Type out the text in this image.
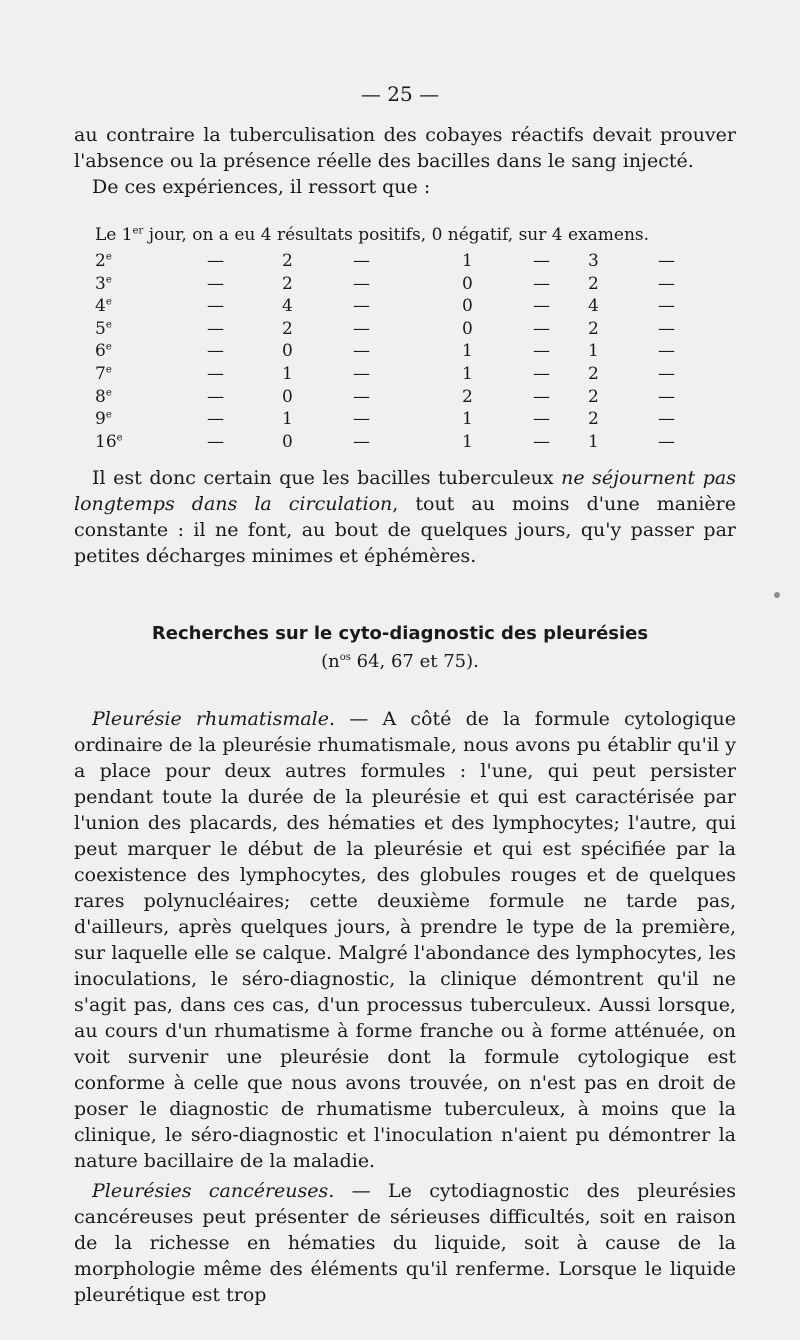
— 25 —

au contraire la tuberculisation des cobayes réactifs devait prouver l'absence ou la présence réelle des bacilles dans le sang injecté.

De ces expériences, il ressort que :

Le 1er jour, on a eu 4 résultats positifs, 0 négatif, sur 4 examens.
2e	—	2	—	1	— 3	—
3e	—	2	—	0	— 2	—
4e	—	4	—	0	— 4	—
5e	—	2	—	0	— 2	—
6e	—	0	—	1	— 1	—
7e	—	1	—	1	— 2	—
8e	—	0	—	2	— 2	—
9e	—	1	—	1	— 2	—
16e	—	0	—	1	— 1	—

Il est donc certain que les bacilles tuberculeux ne séjournent pas longtemps dans la circulation, tout au moins d'une manière constante : il ne font, au bout de quelques jours, qu'y passer par petites décharges minimes et éphémères.

Recherches sur le cyto-diagnostic des pleurésies
($n^{os}$ 64, 67 et 75).

Pleurésie rhumatismale. — A côté de la formule cytologique ordinaire de la pleurésie rhumatismale, nous avons pu établir qu'il y a place pour deux autres formules : l'une, qui peut persister pendant toute la durée de la pleurésie et qui est caractérisée par l'union des placards, des hématies et des lymphocytes; l'autre, qui peut marquer le début de la pleurésie et qui est spécifiée par la coexistence des lymphocytes, des globules rouges et de quelques rares polynucléaires; cette deuxième formule ne tarde pas, d'ailleurs, après quelques jours, à prendre le type de la première, sur laquelle elle se calque. Malgré l'abondance des lymphocytes, les inoculations, le séro-diagnostic, la clinique démontrent qu'il ne s'agit pas, dans ces cas, d'un processus tuberculeux. Aussi lorsque, au cours d'un rhumatisme à forme franche ou à forme atténuée, on voit survenir une pleurésie dont la formule cytologique est conforme à celle que nous avons trouvée, on n'est pas en droit de poser le diagnostic de rhumatisme tuberculeux, à moins que la clinique, le séro-diagnostic et l'inoculation n'aient pu démontrer la nature bacillaire de la maladie.

Pleurésies cancéreuses. — Le cytodiagnostic des pleurésies cancéreuses peut présenter de sérieuses difficultés, soit en raison de la richesse en hématies du liquide, soit à cause de la morphologie même des éléments qu'il renferme. Lorsque le liquide pleurétique est trop
